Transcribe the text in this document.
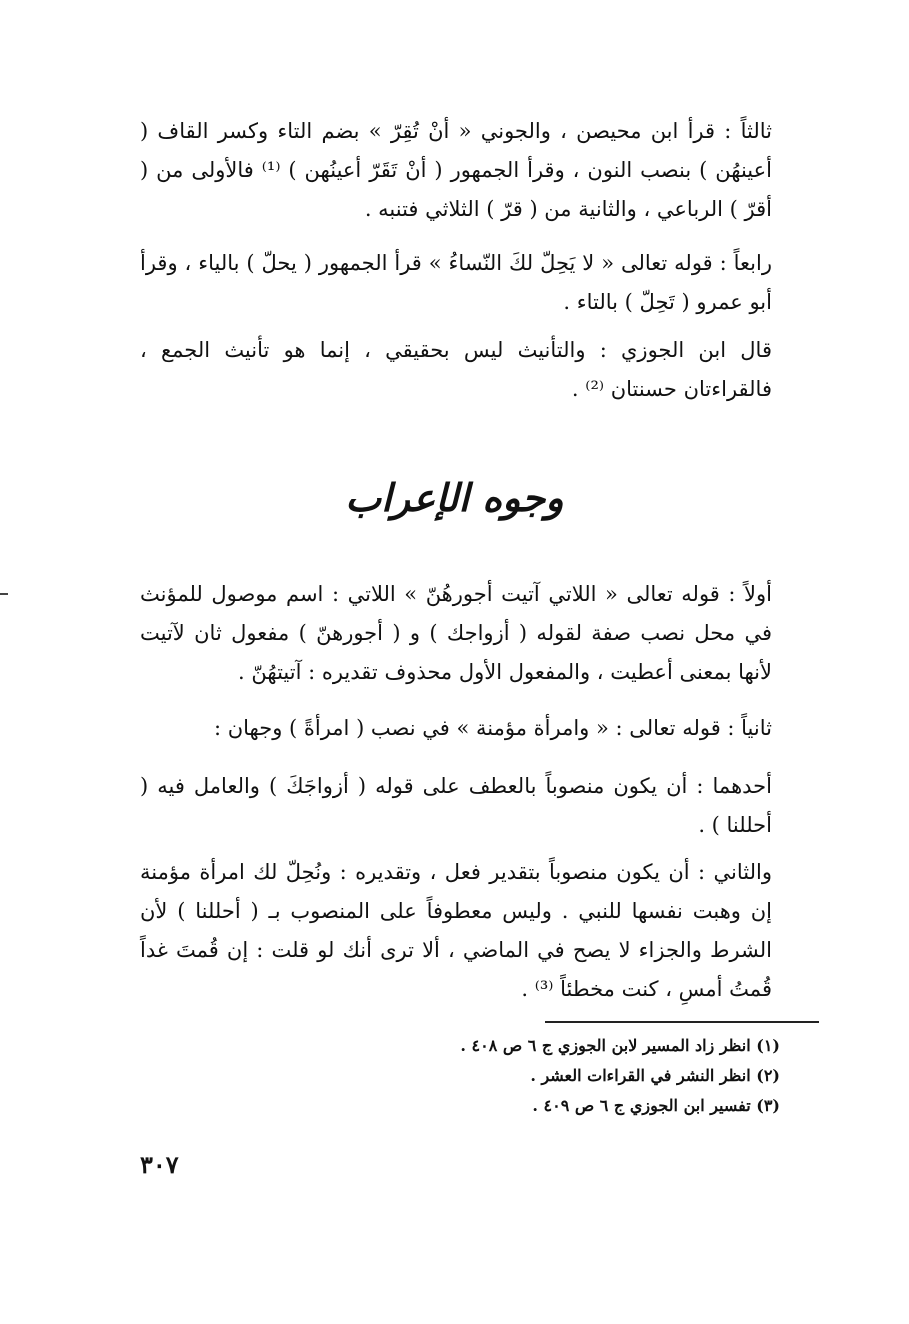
ثالثاً : قرأ ابن محيصن ، والجوني « أنْ تُقِرّ » بضم التاء وكسر القاف ( أعينهُن ) بنصب النون ، وقرأ الجمهور ( أنْ تَقَرّ أعينُهن ) ⁽¹⁾ فالأولى من ( أقرّ ) الرباعي ، والثانية من ( قرّ ) الثلاثي فتنبه .

رابعاً : قوله تعالى « لا يَحِلّ لكَ النّساءُ » قرأ الجمهور ( يحلّ ) بالياء ، وقرأ أبو عمرو ( تَحِلّ ) بالتاء .

قال ابن الجوزي : والتأنيث ليس بحقيقي ، إنما هو تأنيث الجمع ، فالقراءتان حسنتان ⁽²⁾ .

وجوه الإعراب

أولاً : قوله تعالى « اللاتي آتيت أجورهُنّ » اللاتي : اسم موصول للمؤنث في محل نصب صفة لقوله ( أزواجك ) و ( أجورهنّ ) مفعول ثان لآتيت لأنها بمعنى أعطيت ، والمفعول الأول محذوف تقديره : آتيتهُنّ .

ثانياً : قوله تعالى : « وامرأة مؤمنة » في نصب ( امرأةً ) وجهان :

أحدهما : أن يكون منصوباً بالعطف على قوله ( أزواجَكَ ) والعامل فيه ( أحللنا ) .

والثاني : أن يكون منصوباً بتقدير فعل ، وتقديره : ونُحِلّ لك امرأة مؤمنة إن وهبت نفسها للنبي . وليس معطوفاً على المنصوب بـ ( أحللنا ) لأن الشرط والجزاء لا يصح في الماضي ، ألا ترى أنك لو قلت : إن قُمتَ غداً قُمتُ أمسِ ، كنت مخطئاً ⁽³⁾ .

(١) انظر زاد المسير لابن الجوزي ج ٦ ص ٤٠٨ .

(٢) انظر النشر في القراءات العشر .

(٣) تفسير ابن الجوزي ج ٦ ص ٤٠٩ .

٣٠٧
